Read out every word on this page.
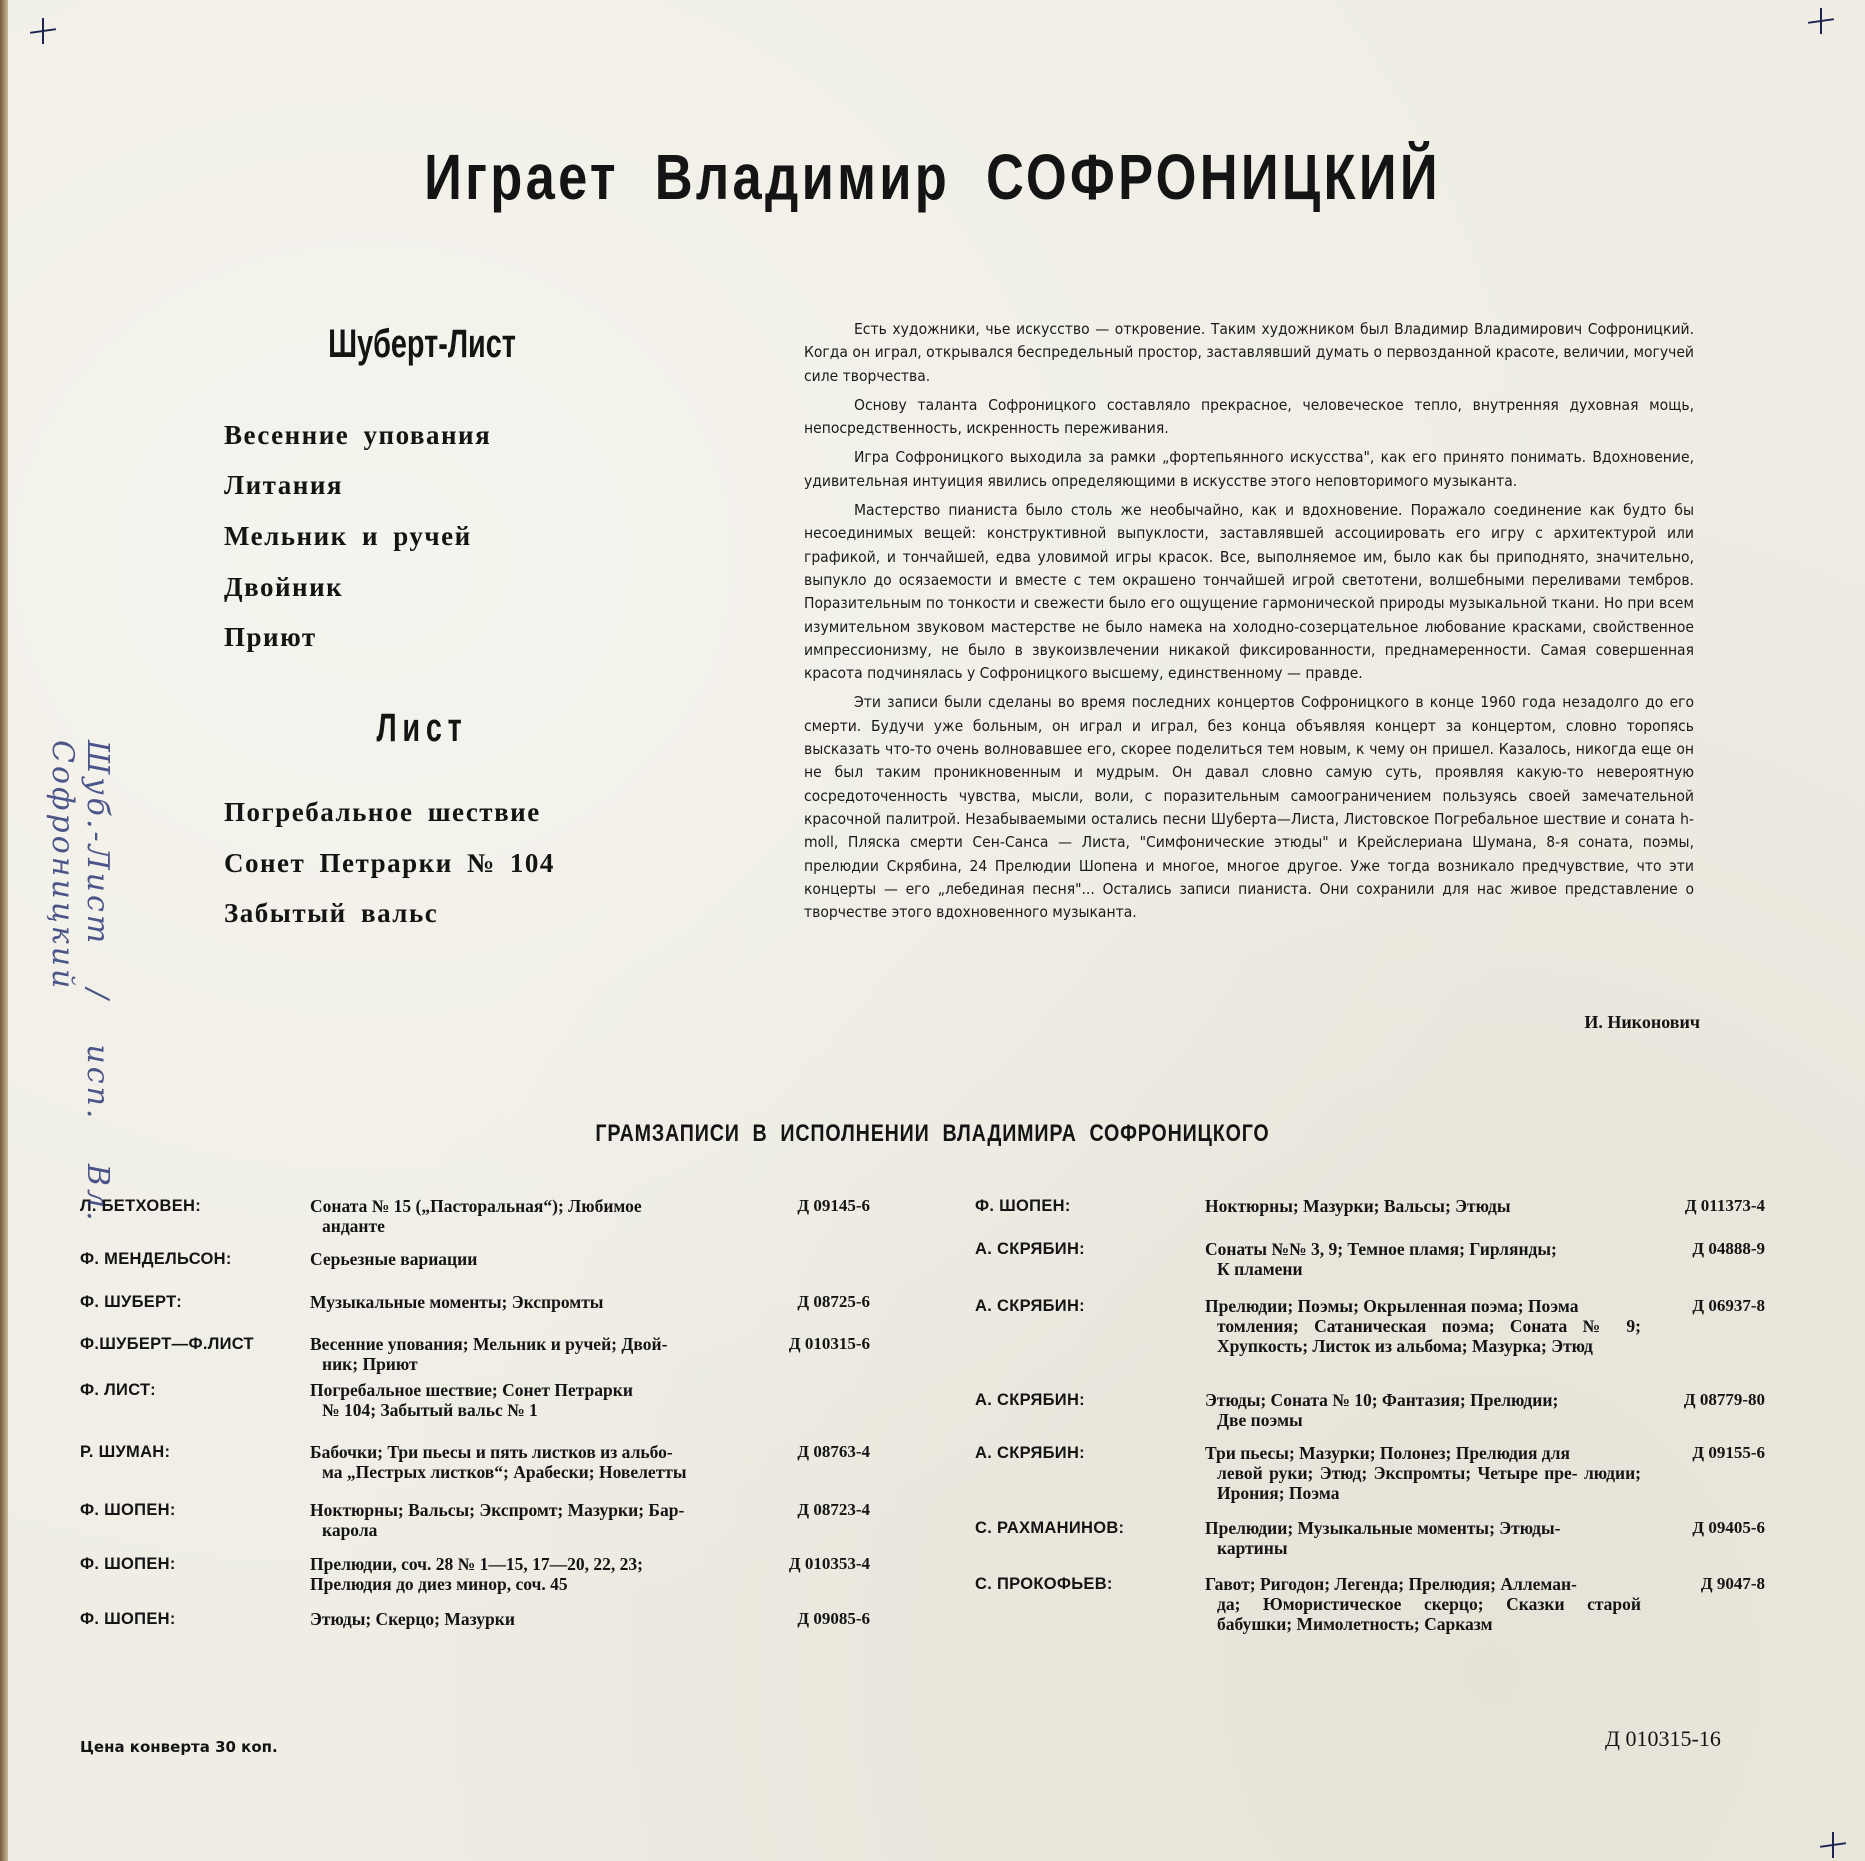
Играет Владимир СОФРОНИЦКИЙ
Шуберт-Лист
Весенние упования
Литания
Мельник и ручей
Двойник
Приют
Лист
Погребальное шествие
Сонет Петрарки № 104
Забытый вальс

Есть художники, чье искусство — откровение. Таким художником был Владимир Владимирович Софроницкий. Когда он играл, открывался беспредельный простор, заставлявший думать о первозданной красоте, величии, могучей силе творчества.

Основу таланта Софроницкого составляло прекрасное, человеческое тепло, внутренняя духовная мощь, непосредственность, искренность переживания.

Игра Софроницкого выходила за рамки „фортепьянного искусства", как его принято понимать. Вдохновение, удивительная интуиция явились определяющими в искусстве этого неповторимого музыканта.

Мастерство пианиста было столь же необычайно, как и вдохновение. Поражало соединение как будто бы несоединимых вещей: конструктивной выпуклости, заставлявшей ассоциировать его игру с архитектурой или графикой, и тончайшей, едва уловимой игры красок. Все, выполняемое им, было как бы приподнято, значительно, выпукло до осязаемости и вместе с тем окрашено тончайшей игрой светотени, волшебными переливами тембров. Поразительным по тонкости и свежести было его ощущение гармонической природы музыкальной ткани. Но при всем изумительном звуковом мастерстве не было намека на холодно-созерцательное любование красками, свойственное импрессионизму, не было в звукоизвлечении никакой фиксированности, преднамеренности. Самая совершенная красота подчинялась у Софроницкого высшему, единственному — правде.

Эти записи были сделаны во время последних концертов Софроницкого в конце 1960 года незадолго до его смерти. Будучи уже больным, он играл и играл, без конца объявляя концерт за концертом, словно торопясь высказать что-то очень волновавшее его, скорее поделиться тем новым, к чему он пришел. Казалось, никогда еще он не был таким проникновенным и мудрым. Он давал словно самую суть, проявляя какую-то невероятную сосредоточенность чувства, мысли, воли, с поразительным самоограничением пользуясь своей замечательной красочной палитрой. Незабываемыми остались песни Шуберта—Листа, Листовское Погребальное шествие и соната h-moll, Пляска смерти Сен-Санса — Листа, "Симфонические этюды" и Крейслериана Шумана, 8-я соната, поэмы, прелюдии Скрябина, 24 Прелюдии Шопена и многое, многое другое. Уже тогда возникало предчувствие, что эти концерты — его „лебединая песня"... Остались записи пианиста. Они сохранили для нас живое представление о творчестве этого вдохновенного музыканта.

И. Никонович
ГРАМЗАПИСИ В ИСПОЛНЕНИИ ВЛАДИМИРА СОФРОНИЦКОГО
Л. БЕТХОВЕН:	Соната № 15 („Пасторальная“); Любимое
анданте
Д 09145-6
Ф. МЕНДЕЛЬСОН:	Серьезные вариации
Ф. ШУБЕРТ:	Музыкальные моменты; Экспромты	Д 08725-6
Ф.ШУБЕРТ—Ф.ЛИСТ	Весенние упования; Мельник и ручей; Двой-
ник; Приют
Д 010315-6
Ф. ЛИСТ:	Погребальное шествие; Сонет Петрарки
№ 104; Забытый вальс № 1
Р. ШУМАН:	Бабочки; Три пьесы и пять листков из альбо-
ма „Пестрых листков“; Арабески; Новелетты
Д 08763-4
Ф. ШОПЕН:	Ноктюрны; Вальсы; Экспромт; Мазурки; Бар-
карола
Д 08723-4
Ф. ШОПЕН:	Прелюдии, соч. 28 № 1—15, 17—20, 22, 23;
Прелюдия до диез минор, соч. 45
Д 010353-4
Ф. ШОПЕН:	Этюды; Скерцо; Мазурки	Д 09085-6
Ф. ШОПЕН:	Ноктюрны; Мазурки; Вальсы; Этюды	Д 011373-4
А. СКРЯБИН:	Сонаты №№ 3, 9; Темное пламя; Гирлянды;
К пламени
Д 04888-9
А. СКРЯБИН:	Прелюдии; Поэмы; Окрыленная поэма; Поэма
томления; Сатаническая поэма; Соната № 9; Хрупкость; Листок из альбома; Мазурка; Этюд
Д 06937-8
А. СКРЯБИН:	Этюды; Соната № 10; Фантазия; Прелюдии;
Две поэмы
Д 08779-80
А. СКРЯБИН:	Три пьесы; Мазурки; Полонез; Прелюдия для
левой руки; Этюд; Экспромты; Четыре пре- людии; Ирония; Поэма
Д 09155-6
С. РАХМАНИНОВ:	Прелюдии; Музыкальные моменты; Этюды-
картины
Д 09405-6
С. ПРОКОФЬЕВ:	Гавот; Ригодон; Легенда; Прелюдия; Аллеман-
да; Юмористическое скерцо; Сказки старой бабушки; Мимолетность; Сарказм
Д 9047-8
Цена конверта 30 коп.	Д 010315-16
Шуб.-Лист / исп. Вл. Софроницкий
